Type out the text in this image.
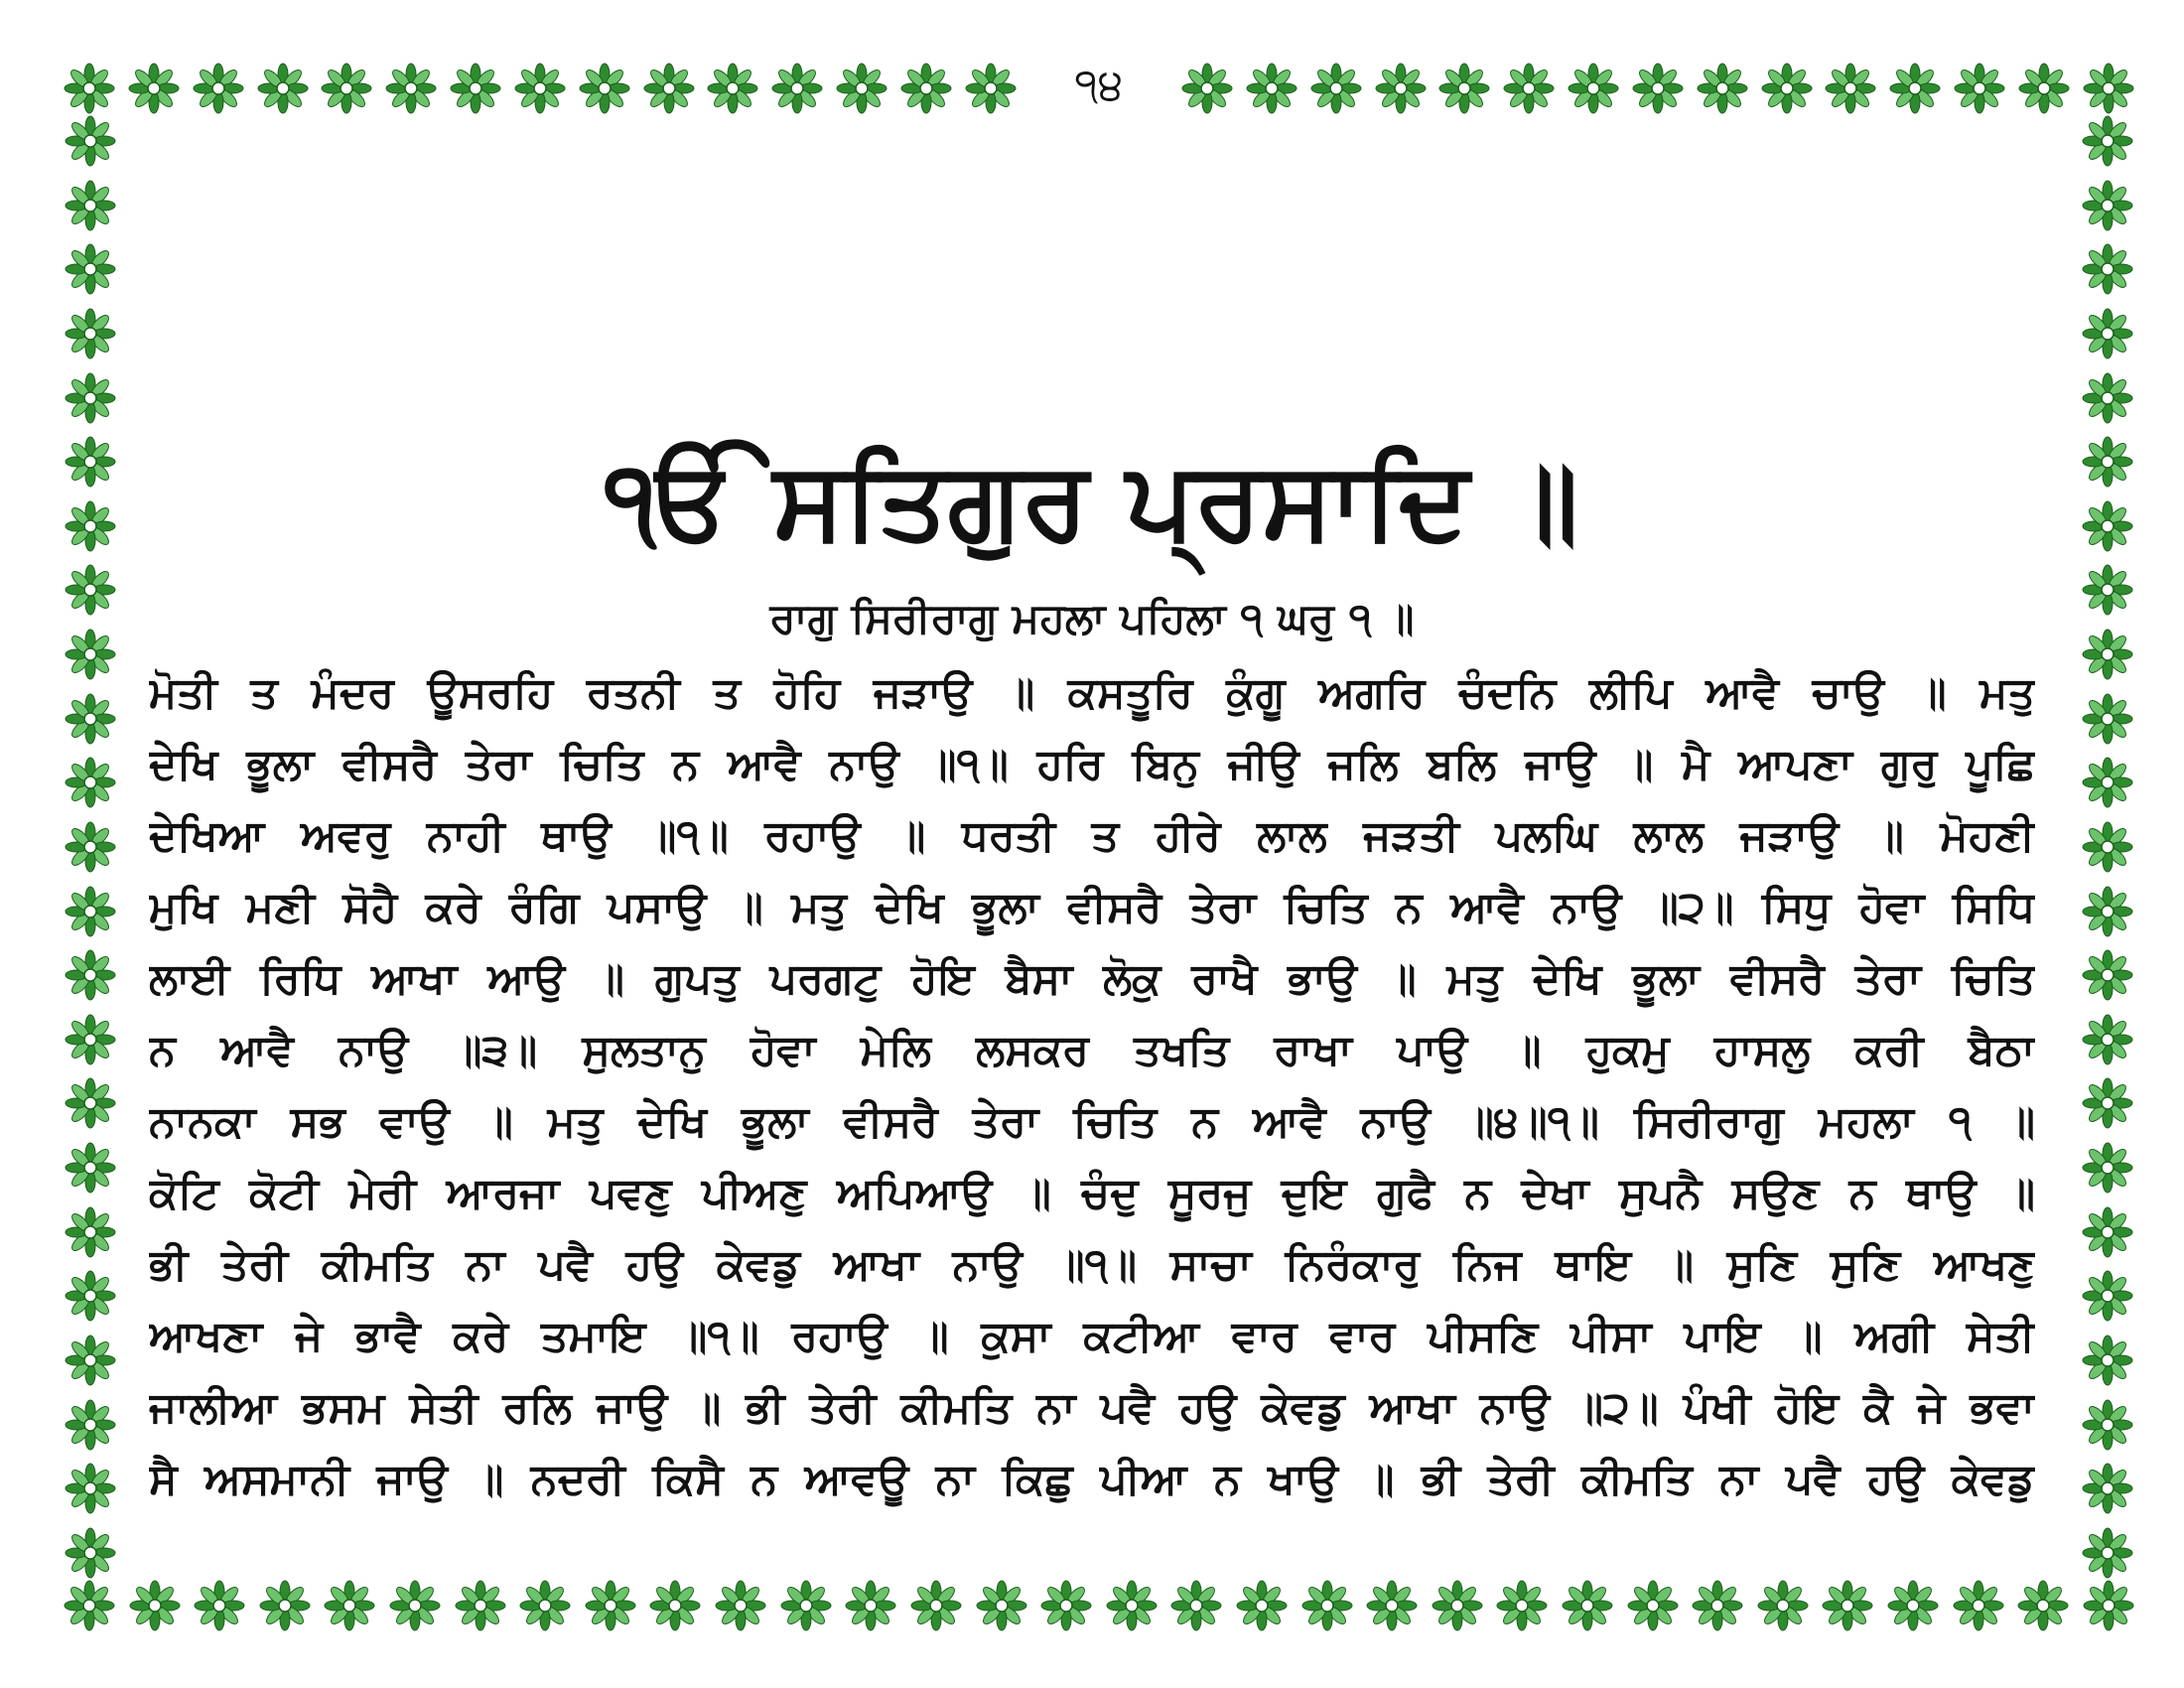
੧੪
ੴ ਸਤਿਗੁਰ ਪ੍ਰਸਾਦਿ ॥
ਰਾਗੁ ਸਿਰੀਰਾਗੁ ਮਹਲਾ ਪਹਿਲਾ ੧ ਘਰੁ ੧ ॥
ਮੋਤੀ ਤ ਮੰਦਰ ਊਸਰਹਿ ਰਤਨੀ ਤ ਹੋਹਿ ਜੜਾਉ ॥ ਕਸਤੂਰਿ ਕੁੰਗੂ ਅਗਰਿ ਚੰਦਨਿ ਲੀਪਿ ਆਵੈ ਚਾਉ ॥ ਮਤੁ
ਦੇਖਿ ਭੂਲਾ ਵੀਸਰੈ ਤੇਰਾ ਚਿਤਿ ਨ ਆਵੈ ਨਾਉ ॥੧॥ ਹਰਿ ਬਿਨੁ ਜੀਉ ਜਲਿ ਬਲਿ ਜਾਉ ॥ ਮੈ ਆਪਣਾ ਗੁਰੁ ਪੂਛਿ
ਦੇਖਿਆ ਅਵਰੁ ਨਾਹੀ ਥਾਉ ॥੧॥ ਰਹਾਉ ॥ ਧਰਤੀ ਤ ਹੀਰੇ ਲਾਲ ਜੜਤੀ ਪਲਘਿ ਲਾਲ ਜੜਾਉ ॥ ਮੋਹਣੀ
ਮੁਖਿ ਮਣੀ ਸੋਹੈ ਕਰੇ ਰੰਗਿ ਪਸਾਉ ॥ ਮਤੁ ਦੇਖਿ ਭੂਲਾ ਵੀਸਰੈ ਤੇਰਾ ਚਿਤਿ ਨ ਆਵੈ ਨਾਉ ॥੨॥ ਸਿਧੁ ਹੋਵਾ ਸਿਧਿ
ਲਾਈ ਰਿਧਿ ਆਖਾ ਆਉ ॥ ਗੁਪਤੁ ਪਰਗਟੁ ਹੋਇ ਬੈਸਾ ਲੋਕੁ ਰਾਖੈ ਭਾਉ ॥ ਮਤੁ ਦੇਖਿ ਭੂਲਾ ਵੀਸਰੈ ਤੇਰਾ ਚਿਤਿ
ਨ ਆਵੈ ਨਾਉ ॥੩॥ ਸੁਲਤਾਨੁ ਹੋਵਾ ਮੇਲਿ ਲਸਕਰ ਤਖਤਿ ਰਾਖਾ ਪਾਉ ॥ ਹੁਕਮੁ ਹਾਸਲੁ ਕਰੀ ਬੈਠਾ
ਨਾਨਕਾ ਸਭ ਵਾਉ ॥ ਮਤੁ ਦੇਖਿ ਭੂਲਾ ਵੀਸਰੈ ਤੇਰਾ ਚਿਤਿ ਨ ਆਵੈ ਨਾਉ ॥੪॥੧॥ ਸਿਰੀਰਾਗੁ ਮਹਲਾ ੧ ॥
ਕੋਟਿ ਕੋਟੀ ਮੇਰੀ ਆਰਜਾ ਪਵਣੁ ਪੀਅਣੁ ਅਪਿਆਉ ॥ ਚੰਦੁ ਸੂਰਜੁ ਦੁਇ ਗੁਫੈ ਨ ਦੇਖਾ ਸੁਪਨੈ ਸਉਣ ਨ ਥਾਉ ॥
ਭੀ ਤੇਰੀ ਕੀਮਤਿ ਨਾ ਪਵੈ ਹਉ ਕੇਵਡੁ ਆਖਾ ਨਾਉ ॥੧॥ ਸਾਚਾ ਨਿਰੰਕਾਰੁ ਨਿਜ ਥਾਇ ॥ ਸੁਣਿ ਸੁਣਿ ਆਖਣੁ
ਆਖਣਾ ਜੇ ਭਾਵੈ ਕਰੇ ਤਮਾਇ ॥੧॥ ਰਹਾਉ ॥ ਕੁਸਾ ਕਟੀਆ ਵਾਰ ਵਾਰ ਪੀਸਣਿ ਪੀਸਾ ਪਾਇ ॥ ਅਗੀ ਸੇਤੀ
ਜਾਲੀਆ ਭਸਮ ਸੇਤੀ ਰਲਿ ਜਾਉ ॥ ਭੀ ਤੇਰੀ ਕੀਮਤਿ ਨਾ ਪਵੈ ਹਉ ਕੇਵਡੁ ਆਖਾ ਨਾਉ ॥੨॥ ਪੰਖੀ ਹੋਇ ਕੈ ਜੇ ਭਵਾ
ਸੈ ਅਸਮਾਨੀ ਜਾਉ ॥ ਨਦਰੀ ਕਿਸੈ ਨ ਆਵਊ ਨਾ ਕਿਛੁ ਪੀਆ ਨ ਖਾਉ ॥ ਭੀ ਤੇਰੀ ਕੀਮਤਿ ਨਾ ਪਵੈ ਹਉ ਕੇਵਡੁ
